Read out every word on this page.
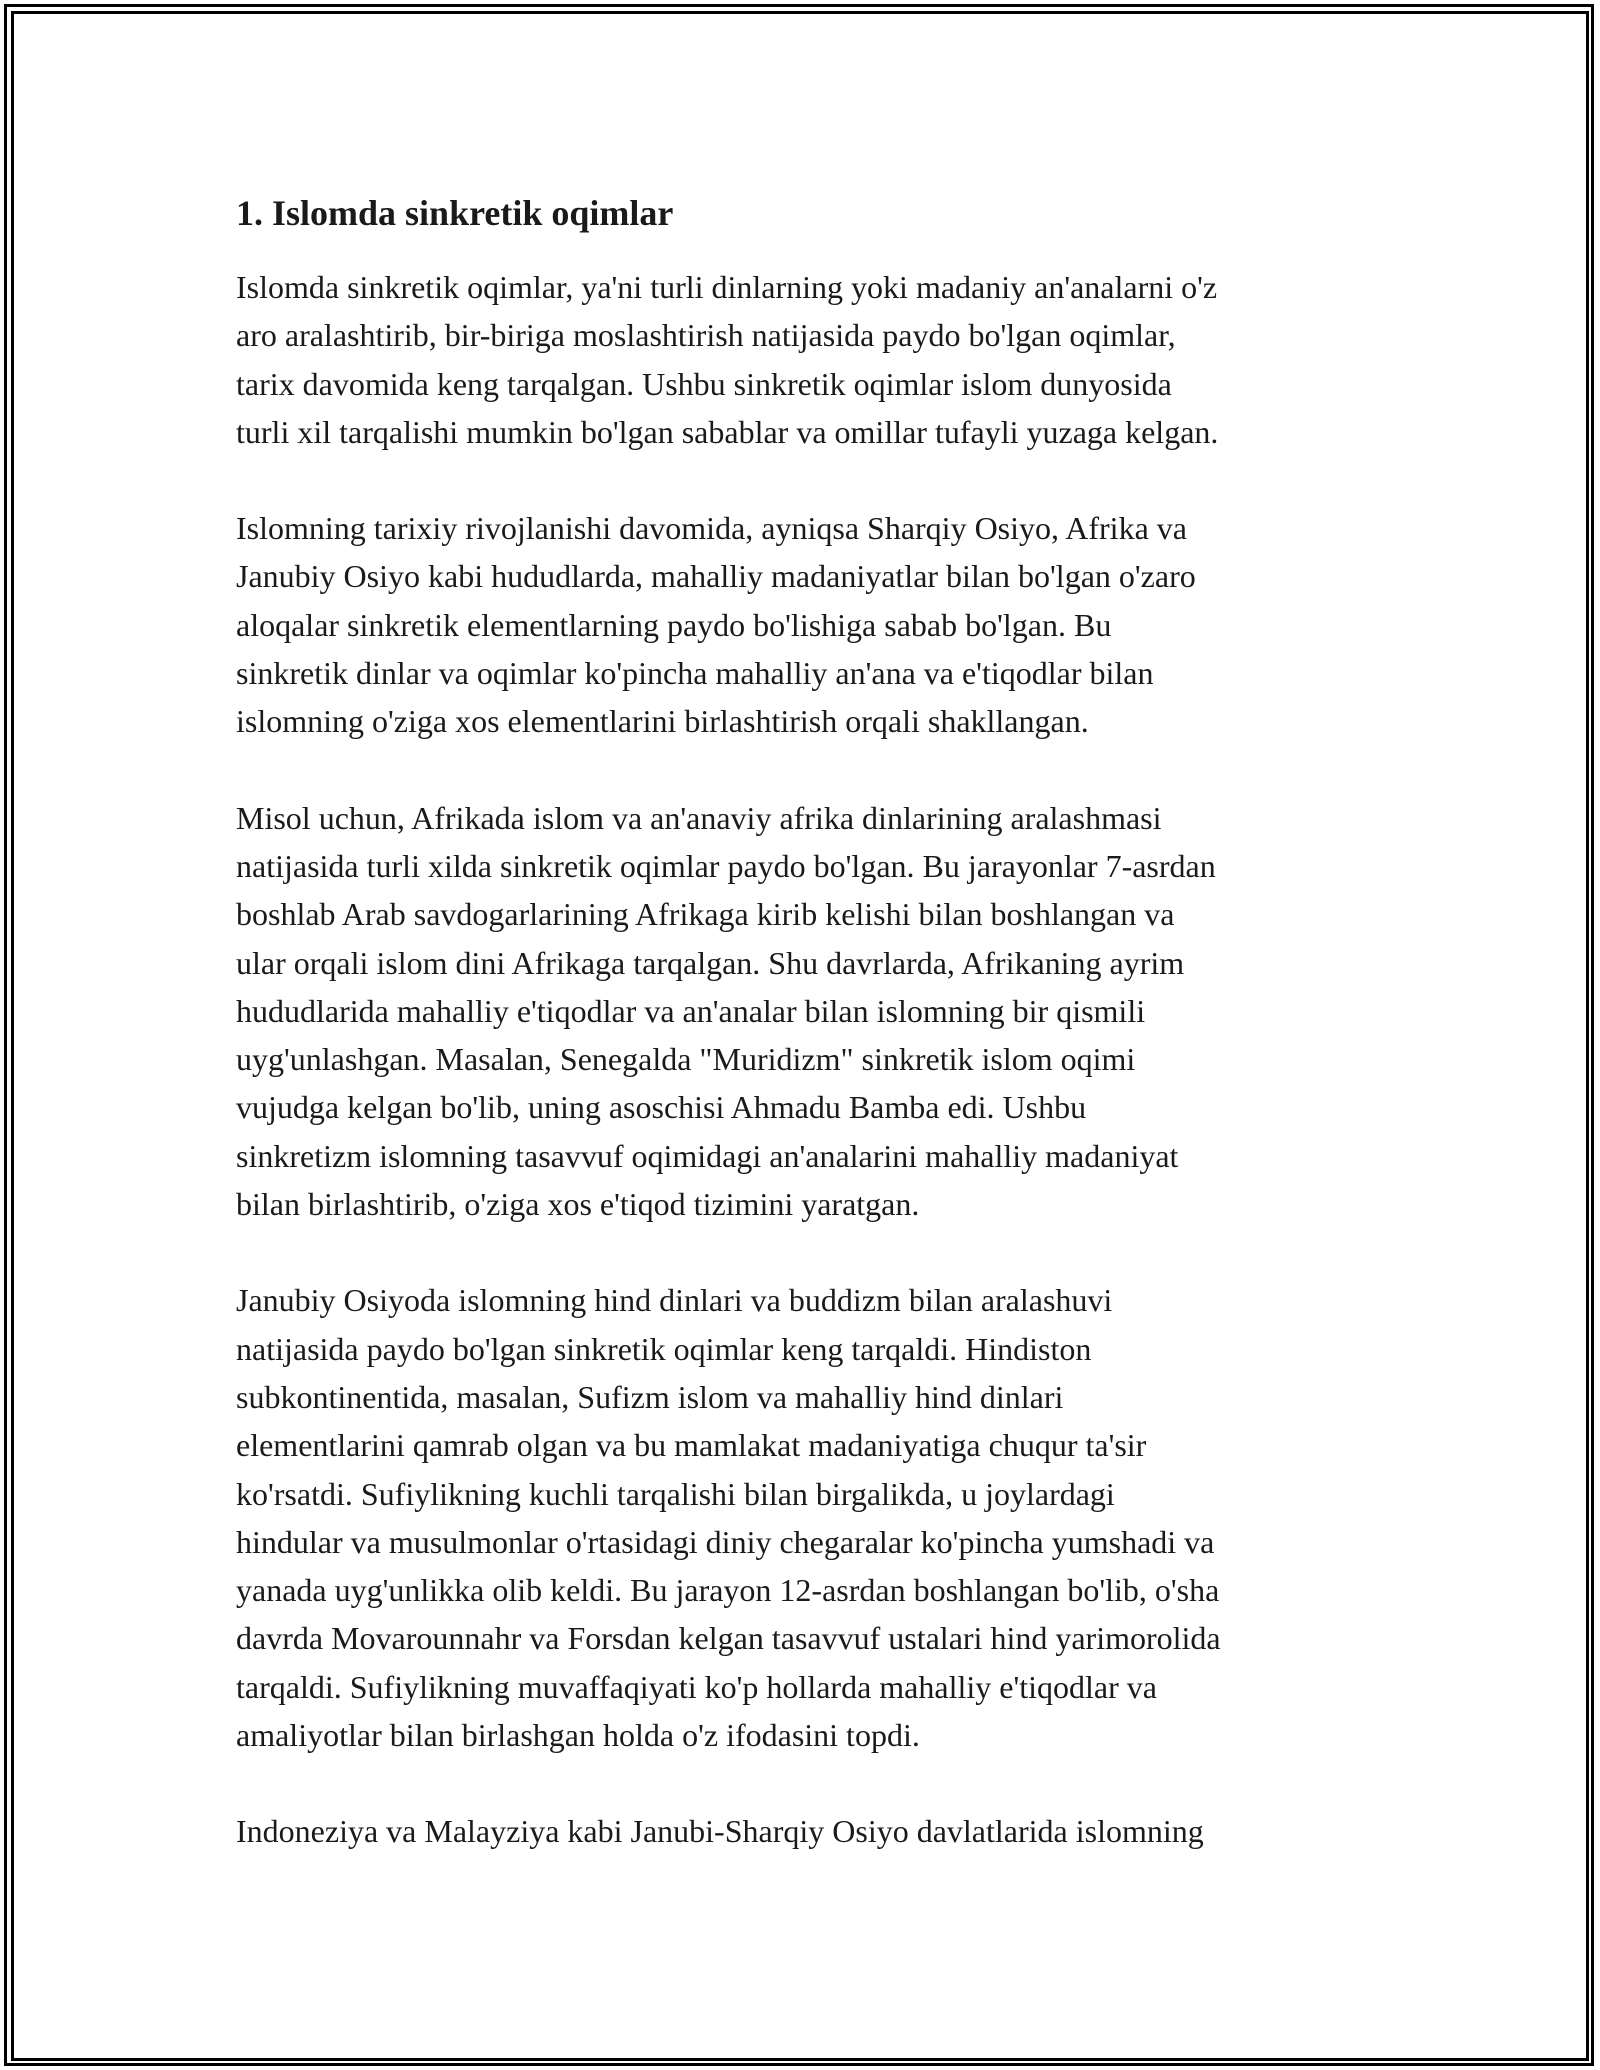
1. Islomda sinkretik oqimlar
Islomda sinkretik oqimlar, ya'ni turli dinlarning yoki madaniy an'analarni o'z
aro aralashtirib, bir-biriga moslashtirish natijasida paydo bo'lgan oqimlar,
tarix davomida keng tarqalgan. Ushbu sinkretik oqimlar islom dunyosida
turli xil tarqalishi mumkin bo'lgan sabablar va omillar tufayli yuzaga kelgan.
Islomning tarixiy rivojlanishi davomida, ayniqsa Sharqiy Osiyo, Afrika va
Janubiy Osiyo kabi hududlarda, mahalliy madaniyatlar bilan bo'lgan o'zaro
aloqalar sinkretik elementlarning paydo bo'lishiga sabab bo'lgan. Bu
sinkretik dinlar va oqimlar ko'pincha mahalliy an'ana va e'tiqodlar bilan
islomning o'ziga xos elementlarini birlashtirish orqali shakllangan.
Misol uchun, Afrikada islom va an'anaviy afrika dinlarining aralashmasi
natijasida turli xilda sinkretik oqimlar paydo bo'lgan. Bu jarayonlar 7-asrdan
boshlab Arab savdogarlarining Afrikaga kirib kelishi bilan boshlangan va
ular orqali islom dini Afrikaga tarqalgan. Shu davrlarda, Afrikaning ayrim
hududlarida mahalliy e'tiqodlar va an'analar bilan islomning bir qismili
uyg'unlashgan. Masalan, Senegalda "Muridizm" sinkretik islom oqimi
vujudga kelgan bo'lib, uning asoschisi Ahmadu Bamba edi. Ushbu
sinkretizm islomning tasavvuf oqimidagi an'analarini mahalliy madaniyat
bilan birlashtirib, o'ziga xos e'tiqod tizimini yaratgan.
Janubiy Osiyoda islomning hind dinlari va buddizm bilan aralashuvi
natijasida paydo bo'lgan sinkretik oqimlar keng tarqaldi. Hindiston
subkontinentida, masalan, Sufizm islom va mahalliy hind dinlari
elementlarini qamrab olgan va bu mamlakat madaniyatiga chuqur ta'sir
ko'rsatdi. Sufiylikning kuchli tarqalishi bilan birgalikda, u joylardagi
hindular va musulmonlar o'rtasidagi diniy chegaralar ko'pincha yumshadi va
yanada uyg'unlikka olib keldi. Bu jarayon 12-asrdan boshlangan bo'lib, o'sha
davrda Movarounnahr va Forsdan kelgan tasavvuf ustalari hind yarimorolida
tarqaldi. Sufiylikning muvaffaqiyati ko'p hollarda mahalliy e'tiqodlar va
amaliyotlar bilan birlashgan holda o'z ifodasini topdi.
Indoneziya va Malayziya kabi Janubi-Sharqiy Osiyo davlatlarida islomning
